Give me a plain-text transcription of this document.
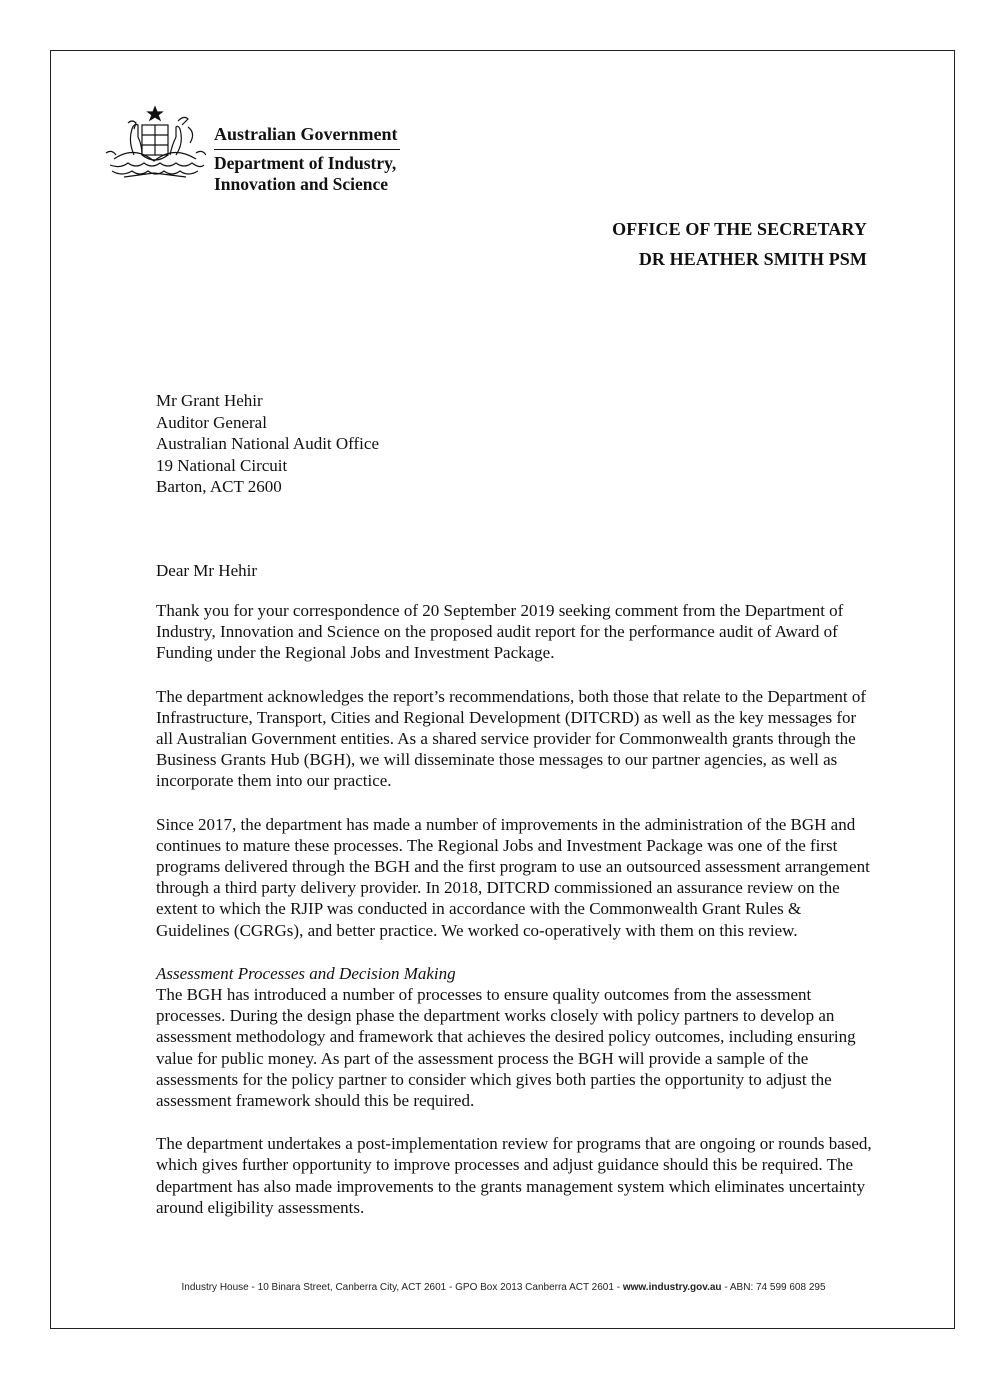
Australian Government
Department of Industry,
Innovation and Science
OFFICE OF THE SECRETARY
DR HEATHER SMITH PSM
Mr Grant Hehir
Auditor General
Australian National Audit Office
19 National Circuit
Barton, ACT 2600
Dear Mr Hehir

Thank you for your correspondence of 20 September 2019 seeking comment from the Department of Industry, Innovation and Science on the proposed audit report for the performance audit of Award of Funding under the Regional Jobs and Investment Package.

The department acknowledges the report’s recommendations, both those that relate to the Department of Infrastructure, Transport, Cities and Regional Development (DITCRD) as well as the key messages for all Australian Government entities. As a shared service provider for Commonwealth grants through the Business Grants Hub (BGH), we will disseminate those messages to our partner agencies, as well as incorporate them into our practice.

Since 2017, the department has made a number of improvements in the administration of the BGH and continues to mature these processes. The Regional Jobs and Investment Package was one of the first programs delivered through the BGH and the first program to use an outsourced assessment arrangement through a third party delivery provider. In 2018, DITCRD commissioned an assurance review on the extent to which the RJIP was conducted in accordance with the Commonwealth Grant Rules & Guidelines (CGRGs), and better practice. We worked co-operatively with them on this review.

Assessment Processes and Decision Making

The BGH has introduced a number of processes to ensure quality outcomes from the assessment processes. During the design phase the department works closely with policy partners to develop an assessment methodology and framework that achieves the desired policy outcomes, including ensuring value for public money. As part of the assessment process the BGH will provide a sample of the assessments for the policy partner to consider which gives both parties the opportunity to adjust the assessment framework should this be required.

The department undertakes a post-implementation review for programs that are ongoing or rounds based, which gives further opportunity to improve processes and adjust guidance should this be required. The department has also made improvements to the grants management system which eliminates uncertainty around eligibility assessments.

Industry House - 10 Binara Street, Canberra City, ACT 2601 - GPO Box 2013 Canberra ACT 2601 - www.industry.gov.au - ABN: 74 599 608 295
